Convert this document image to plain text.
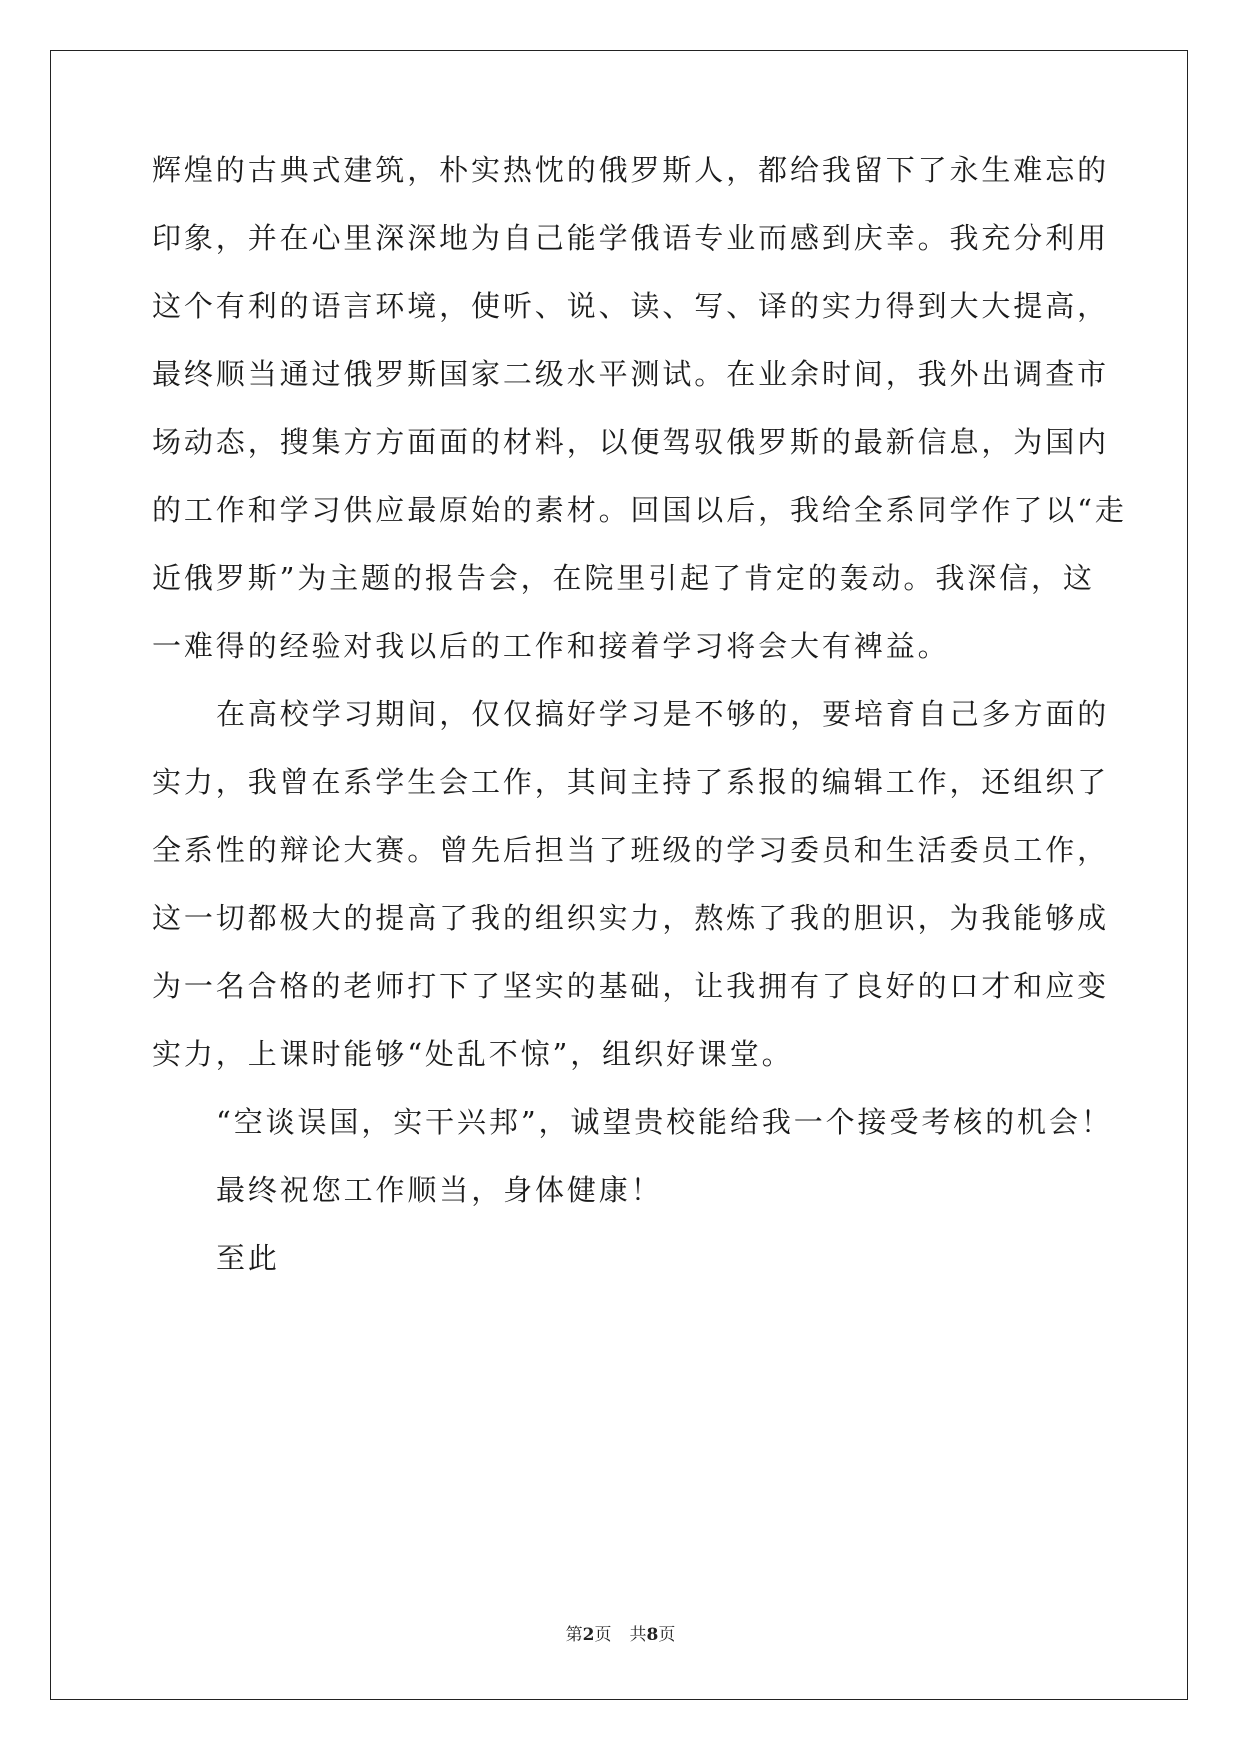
辉煌的古典式建筑，朴实热忱的俄罗斯人，都给我留下了永生难忘的
印象，并在心里深深地为自己能学俄语专业而感到庆幸。我充分利用
这个有利的语言环境，使听、说、读、写、译的实力得到大大提高，
最终顺当通过俄罗斯国家二级水平测试。在业余时间，我外出调查市
场动态，搜集方方面面的材料，以便驾驭俄罗斯的最新信息，为国内
的工作和学习供应最原始的素材。回国以后，我给全系同学作了以“走
近俄罗斯”为主题的报告会，在院里引起了肯定的轰动。我深信，这
一难得的经验对我以后的工作和接着学习将会大有裨益。
在高校学习期间，仅仅搞好学习是不够的，要培育自己多方面的
实力，我曾在系学生会工作，其间主持了系报的编辑工作，还组织了
全系性的辩论大赛。曾先后担当了班级的学习委员和生活委员工作，
这一切都极大的提高了我的组织实力，熬炼了我的胆识，为我能够成
为一名合格的老师打下了坚实的基础，让我拥有了良好的口才和应变
实力，上课时能够“处乱不惊”，组织好课堂。
“空谈误国，实干兴邦”，诚望贵校能给我一个接受考核的机会！
最终祝您工作顺当，身体健康！
至此
第2页 共8页
